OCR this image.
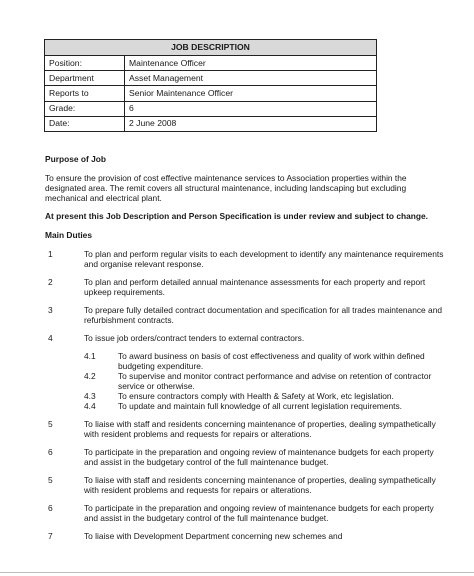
JOB DESCRIPTION	
Position:	Maintenance Officer
Department	Asset Management
Reports to	Senior Maintenance Officer
Grade:	6
Date:	2 June 2008
Purpose of Job
To ensure the provision of cost effective maintenance services to Association properties within the
designated area. The remit covers all structural maintenance, including landscaping but excluding
mechanical and electrical plant.
At present this Job Description and Person Specification is under review and subject to change.
Main Duties
1	To plan and perform regular visits to each development to identify any maintenance requirements
and organise relevant response.
2	To plan and perform detailed annual maintenance assessments for each property and report
upkeep requirements.
3	To prepare fully detailed contract documentation and specification for all trades maintenance and
refurbishment contracts.
4	To issue job orders/contract tenders to external contractors.
4.1	To award business on basis of cost effectiveness and quality of work within defined
budgeting expenditure.
4.2	To supervise and monitor contract performance and advise on retention of contractor
service or otherwise.
4.3	To ensure contractors comply with Health & Safety at Work, etc legislation.
4.4	To update and maintain full knowledge of all current legislation requirements.
5	To liaise with staff and residents concerning maintenance of properties, dealing sympathetically
with resident problems and requests for repairs or alterations.
6	To participate in the preparation and ongoing review of maintenance budgets for each property
and assist in the budgetary control of the full maintenance budget.
5	To liaise with staff and residents concerning maintenance of properties, dealing sympathetically
with resident problems and requests for repairs or alterations.
6	To participate in the preparation and ongoing review of maintenance budgets for each property
and assist in the budgetary control of the full maintenance budget.
7	To liaise with Development Department concerning new schemes and
